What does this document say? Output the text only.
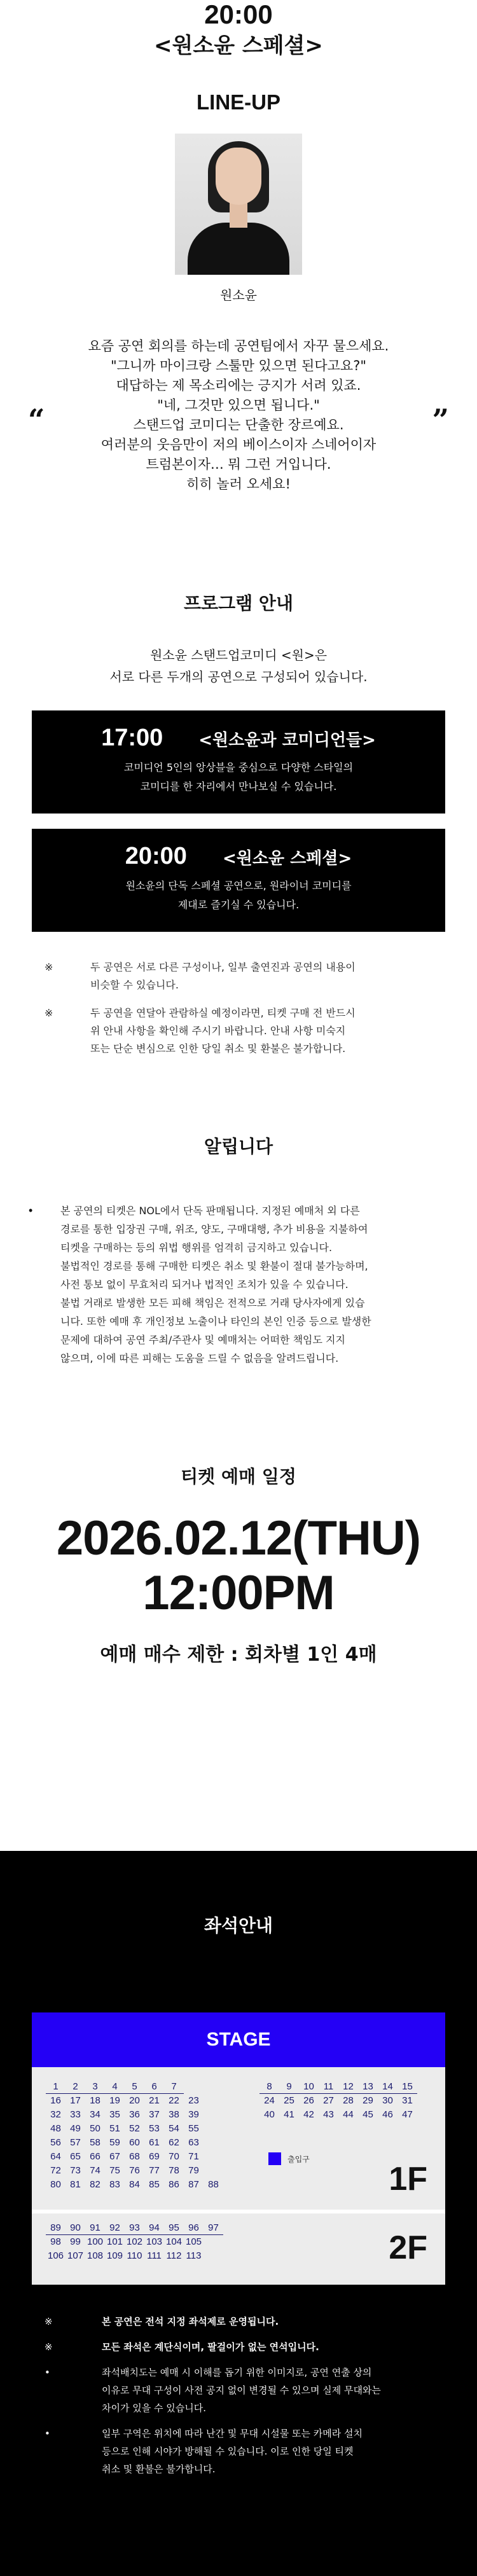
20:00
<원소윤 스페셜>
LINE-UP
원소윤
“	”
요즘 공연 회의를 하는데 공연팀에서 자꾸 물으세요.
"그니까 마이크랑 스툴만 있으면 된다고요?"
대답하는 제 목소리에는 긍지가 서려 있죠.
"네, 그것만 있으면 됩니다."
스탠드업 코미디는 단출한 장르예요.
여러분의 웃음만이 저의 베이스이자 스네어이자
트럼본이자… 뭐 그런 거입니다.
히히 놀러 오세요!
프로그램 안내
원소윤 스탠드업코미디 <원>은
서로 다른 두개의 공연으로 구성되어 있습니다.
17:00 <원소윤과 코미디언들>
코미디언 5인의 앙상블을 중심으로 다양한 스타일의
코미디를 한 자리에서 만나보실 수 있습니다.
20:00 <원소윤 스페셜>
원소윤의 단독 스페셜 공연으로, 원라이너 코미디를
제대로 즐기실 수 있습니다.
※	두 공연은 서로 다른 구성이나, 일부 출연진과 공연의 내용이
비슷할 수 있습니다.
※	두 공연을 연달아 관람하실 예정이라면, 티켓 구매 전 반드시
위 안내 사항을 확인해 주시기 바랍니다. 안내 사항 미숙지
또는 단순 변심으로 인한 당일 취소 및 환불은 불가합니다.
알립니다
•	본 공연의 티켓은 NOL에서 단독 판매됩니다. 지정된 예매처 외 다른
경로를 통한 입장권 구매, 위조, 양도, 구매대행, 추가 비용을 지불하여
티켓을 구매하는 등의 위법 행위를 엄격히 금지하고 있습니다.
불법적인 경로를 통해 구매한 티켓은 취소 및 환불이 절대 불가능하며,
사전 통보 없이 무효처리 되거나 법적인 조치가 있을 수 있습니다.
불법 거래로 발생한 모든 피해 책임은 전적으로 거래 당사자에게 있습
니다. 또한 예매 후 개인정보 노출이나 타인의 본인 인증 등으로 발생한
문제에 대하여 공연 주최/주관사 및 예매처는 어떠한 책임도 지지
않으며, 이에 따른 피해는 도움을 드릴 수 없음을 알려드립니다.
티켓 예매 일정
2026.02.12(THU)
12:00PM
예매 매수 제한 : 회차별 1인 4매
좌석안내
STAGE
1	2	3	4	5	6	7
16 17 18 19 20 21 22 23
32 33 34 35 36 37 38 39
48 49 50 51 52 53 54 55
56 57 58 59 60 61 62 63
64 65 66 67 68 69 70 71
72 73 74 75 76 77 78 79
80 81 82 83 84 85 86 87 88
8	9	10 11 12 13 14 15
24 25 26 27 28 29 30 31
40 41 42 43 44 45 46 47
출입구
1F
89 90 91 92 93 94 95 96 97
98 99 100 101 102 103 104 105
106 107 108 109 110 111 112 113	2F
※	본 공연은 전석 지정 좌석제로 운영됩니다.
※	모든 좌석은 계단식이며, 팔걸이가 없는 연석입니다.
•	좌석배치도는 예매 시 이해를 돕기 위한 이미지로, 공연 연출 상의
이유로 무대 구성이 사전 공지 없이 변경될 수 있으며 실제 무대와는
차이가 있을 수 있습니다.
•	일부 구역은 위치에 따라 난간 및 무대 시설물 또는 카메라 설치
등으로 인해 시야가 방해될 수 있습니다. 이로 인한 당일 티켓
취소 및 환불은 불가합니다.
